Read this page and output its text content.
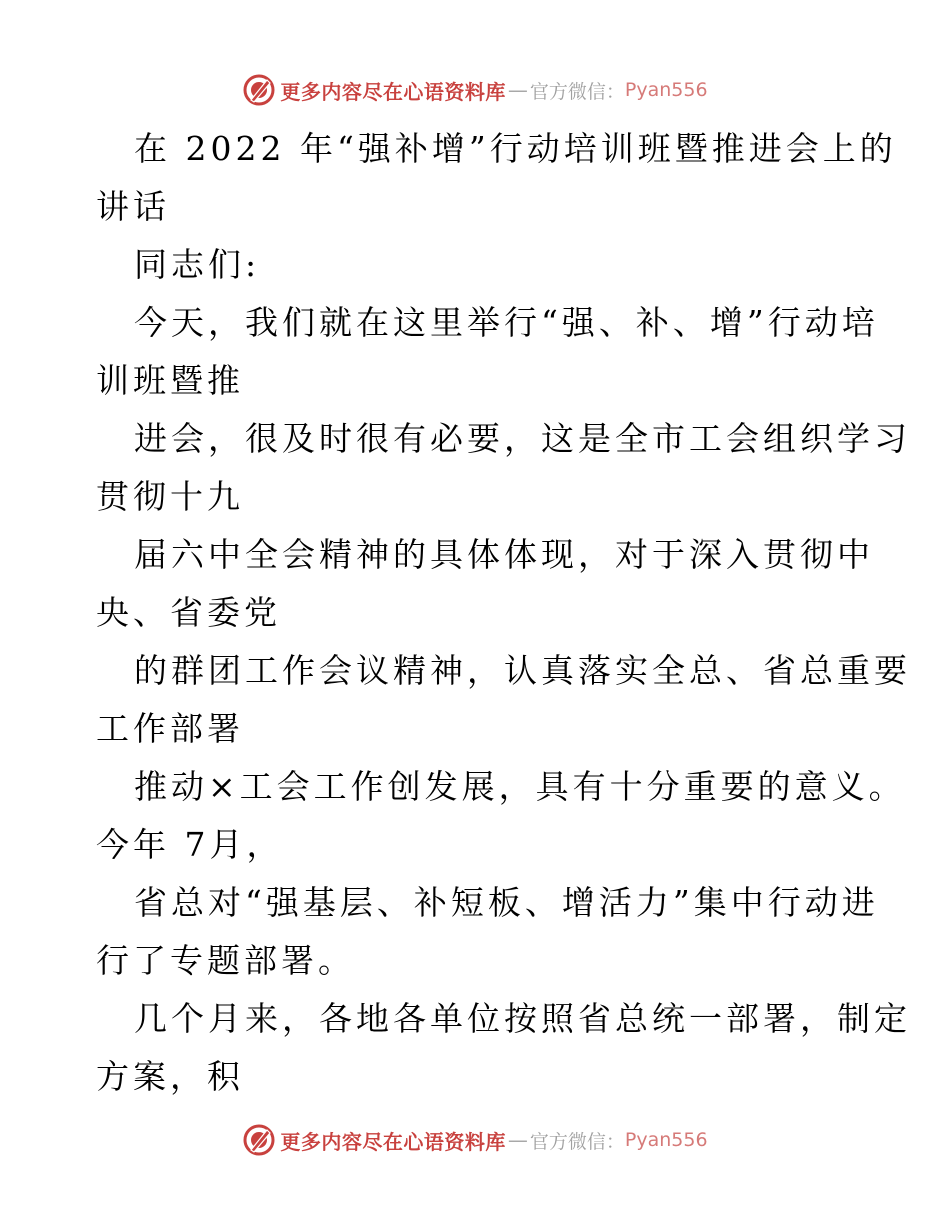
更多内容尽在心语资料库 — 官方微信： Pyan556
在 2022 年“强补增”行动培训班暨推进会上的
讲话
同志们:
今天，我们就在这里举行“强、补、增”行动培
训班暨推
进会，很及时很有必要，这是全市工会组织学习
贯彻十九
届六中全会精神的具体体现，对于深入贯彻中
央、省委党
的群团工作会议精神，认真落实全总、省总重要
工作部署
推动×工会工作创发展，具有十分重要的意义。
今年 7月，
省总对“强基层、补短板、增活力”集中行动进
行了专题部署。
几个月来，各地各单位按照省总统一部署，制定
方案，积
更多内容尽在心语资料库 — 官方微信： Pyan556
